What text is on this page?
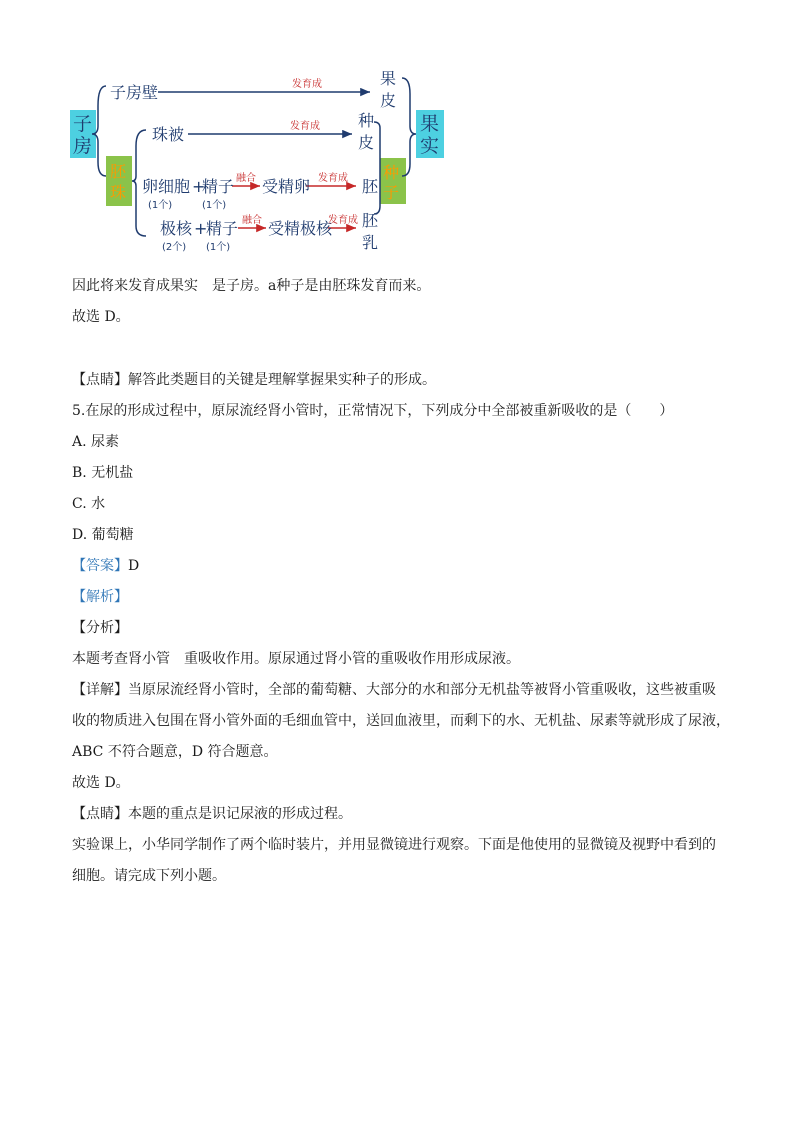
子
房
胚
珠
果
实
种
子
子房壁	发育成	果
皮
珠被	发育成 种
皮
卵细胞 +
精子
(1个)	(1个)
融合 受精卵 发育成 胚
极核 +
精子
(2个) (1个)
融合 受精极核
发育成 胚
乳
因此将来发育成果实　是子房。a种子是由胚珠发育而来。
故选 D。
【点睛】解答此类题目的关键是理解掌握果实种子的形成。
5.在尿的形成过程中，原尿流经肾小管时，正常情况下，下列成分中全部被重新吸收的是（　　）
A. 尿素
B. 无机盐
C. 水
D. 葡萄糖
【答案】D
【解析】
【分析】
本题考查肾小管　重吸收作用。原尿通过肾小管的重吸收作用形成尿液。
【详解】当原尿流经肾小管时，全部的葡萄糖、大部分的水和部分无机盐等被肾小管重吸收，这些被重吸
收的物质进入包围在肾小管外面的毛细血管中，送回血液里，而剩下的水、无机盐、尿素等就形成了尿液，
ABC 不符合题意，D 符合题意。
故选 D。
【点睛】本题的重点是识记尿液的形成过程。
实验课上，小华同学制作了两个临时装片，并用显微镜进行观察。下面是他使用的显微镜及视野中看到的
细胞。请完成下列小题。
